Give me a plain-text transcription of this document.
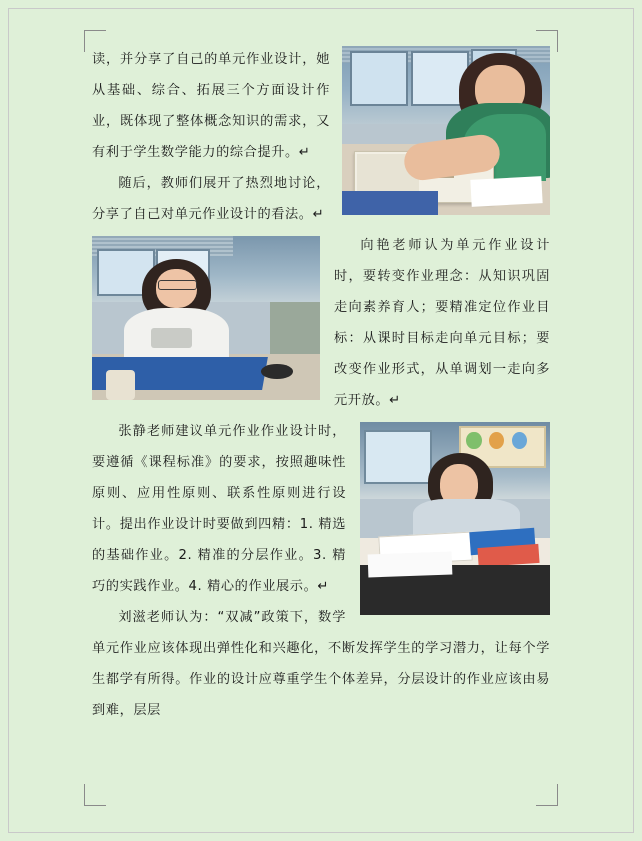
读，并分享了自己的单元作业设计，她从基础、综合、拓展三个方面设计作业，既体现了整体概念知识的需求，又有利于学生数学能力的综合提升。↵

随后，教师们展开了热烈地讨论，分享了自己对单元作业设计的看法。↵

向艳老师认为单元作业设计时，要转变作业理念：从知识巩固走向素养育人；要精准定位作业目标：从课时目标走向单元目标；要改变作业形式，从单调划一走向多元开放。↵

张静老师建议单元作业作业设计时，要遵循《课程标准》的要求，按照趣味性原则、应用性原则、联系性原则进行设计。提出作业设计时要做到四精：1. 精选的基础作业。2. 精准的分层作业。3. 精巧的实践作业。4. 精心的作业展示。↵

刘滋老师认为：“双减”政策下，数学单元作业应该体现出弹性化和兴趣化，不断发挥学生的学习潜力，让每个学生都学有所得。作业的设计应尊重学生个体差异，分层设计的作业应该由易到难，层层
